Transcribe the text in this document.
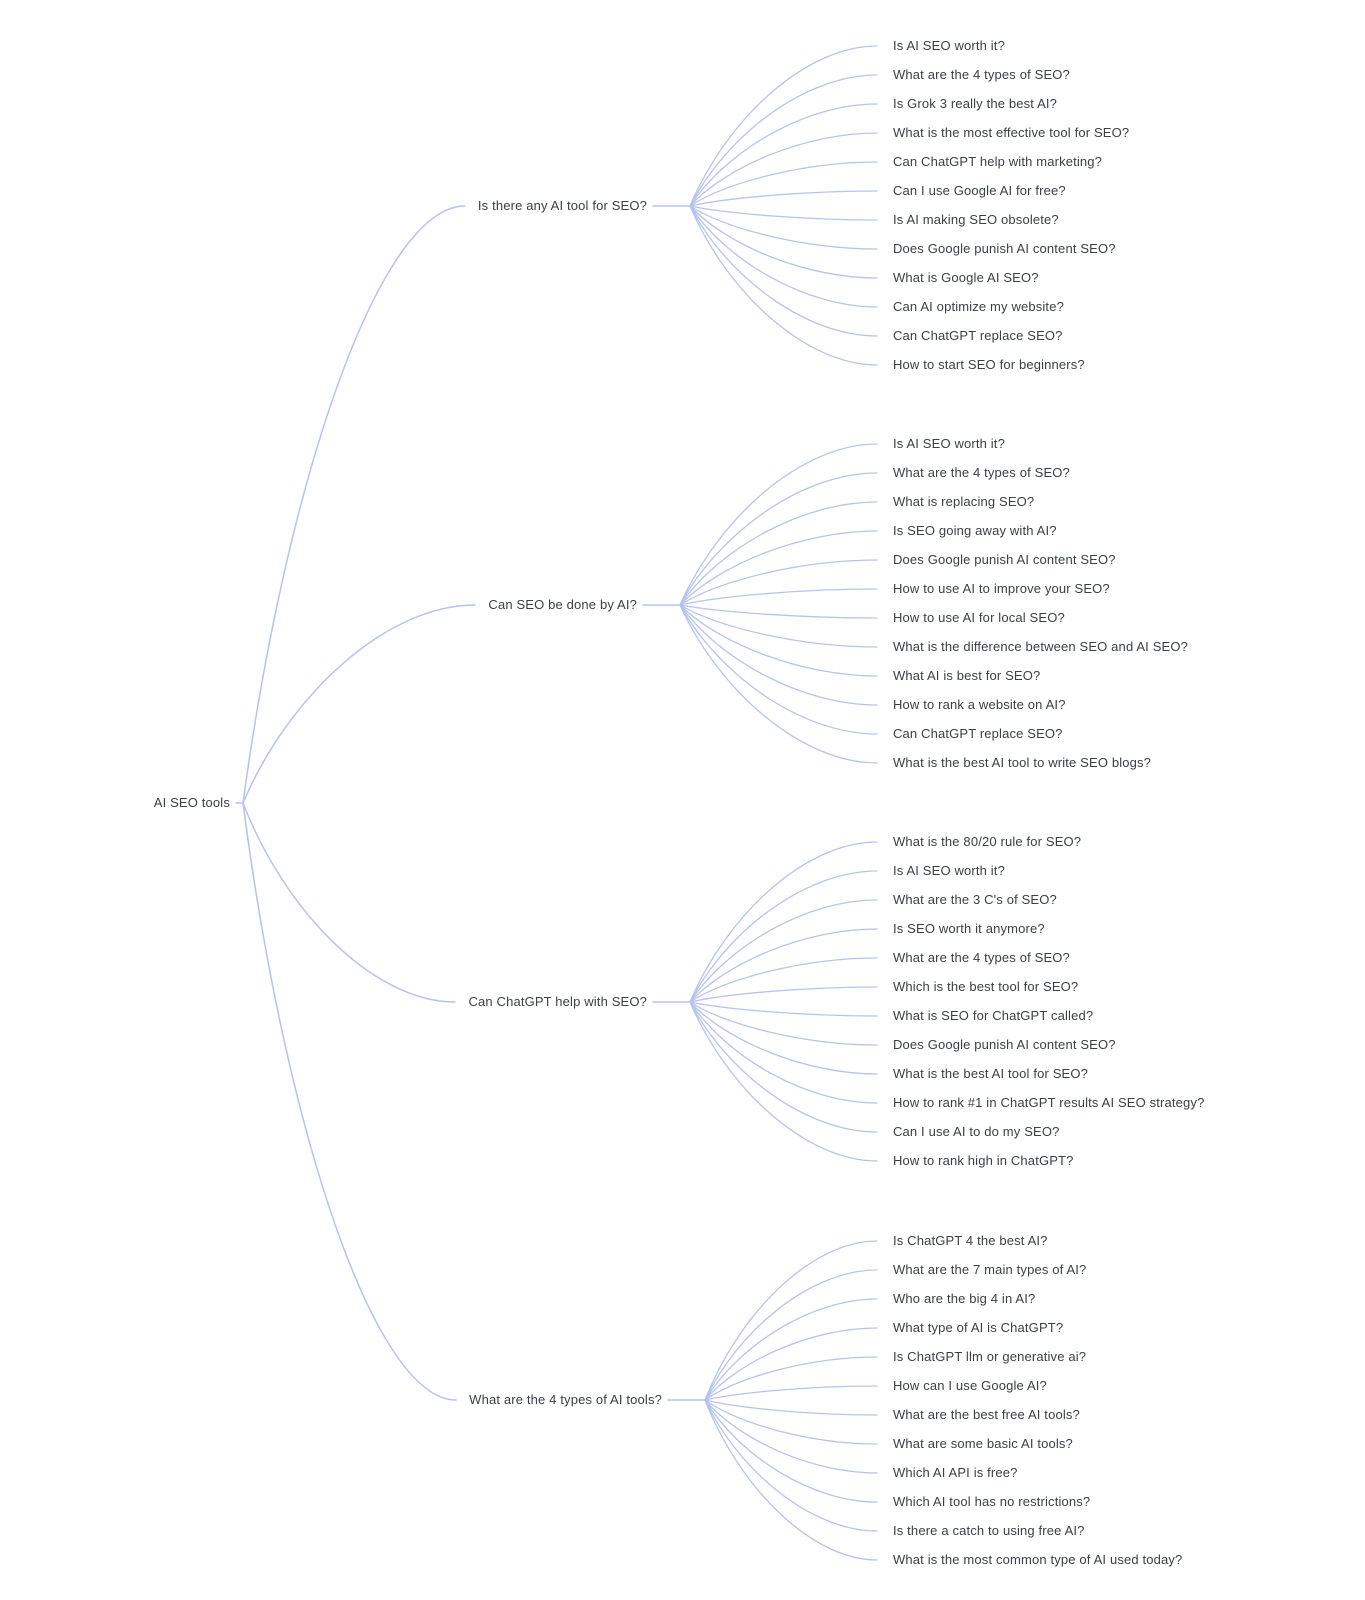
AI SEO tools
Is there any AI tool for SEO?
Is AI SEO worth it?
What are the 4 types of SEO?
Is Grok 3 really the best AI?
What is the most effective tool for SEO?
Can ChatGPT help with marketing?
Can I use Google AI for free?
Is AI making SEO obsolete?
Does Google punish AI content SEO?
What is Google AI SEO?
Can AI optimize my website?
Can ChatGPT replace SEO?
How to start SEO for beginners?
Can SEO be done by AI?
Is AI SEO worth it?
What are the 4 types of SEO?
What is replacing SEO?
Is SEO going away with AI?
Does Google punish AI content SEO?
How to use AI to improve your SEO?
How to use AI for local SEO?
What is the difference between SEO and AI SEO?
What AI is best for SEO?
How to rank a website on AI?
Can ChatGPT replace SEO?
What is the best AI tool to write SEO blogs?
Can ChatGPT help with SEO?
What is the 80/20 rule for SEO?
Is AI SEO worth it?
What are the 3 C's of SEO?
Is SEO worth it anymore?
What are the 4 types of SEO?
Which is the best tool for SEO?
What is SEO for ChatGPT called?
Does Google punish AI content SEO?
What is the best AI tool for SEO?
How to rank #1 in ChatGPT results AI SEO strategy?
Can I use AI to do my SEO?
How to rank high in ChatGPT?
What are the 4 types of AI tools?
Is ChatGPT 4 the best AI?
What are the 7 main types of AI?
Who are the big 4 in AI?
What type of AI is ChatGPT?
Is ChatGPT llm or generative ai?
How can I use Google AI?
What are the best free AI tools?
What are some basic AI tools?
Which AI API is free?
Which AI tool has no restrictions?
Is there a catch to using free AI?
What is the most common type of AI used today?
